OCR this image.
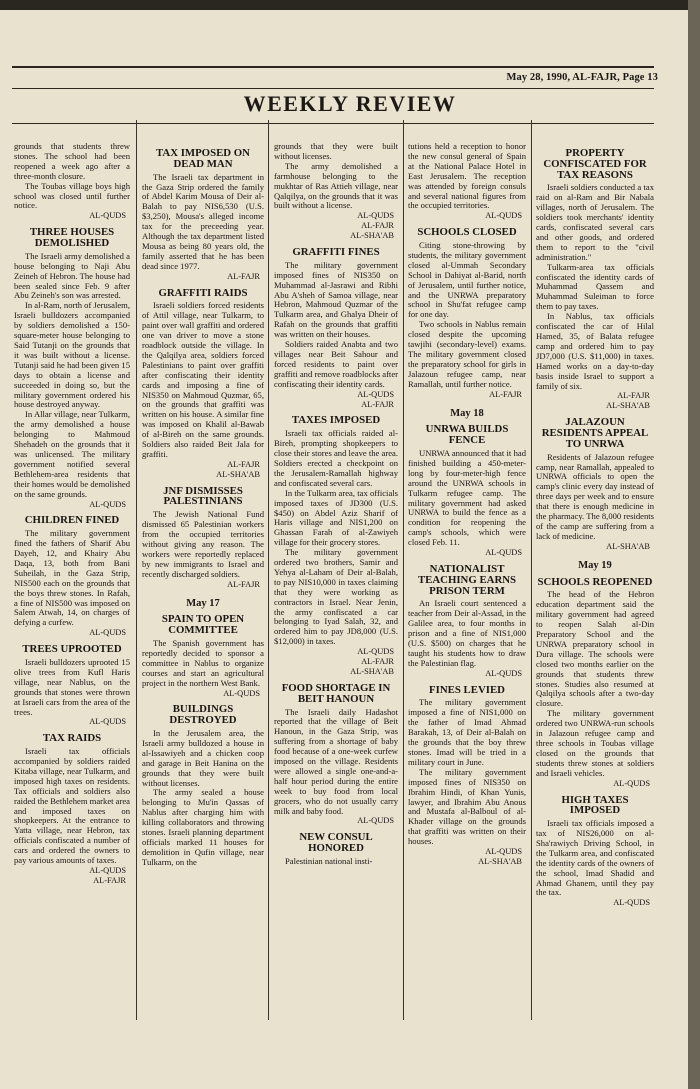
May 28, 1990, AL-FAJR, Page 13
WEEKLY REVIEW
grounds that students threw stones. The school had been reopened a week ago after a three-month closure.
The Toubas village boys high school was closed until further notice.
AL-QUDS
THREE HOUSES DEMOLISHED
The Israeli army demolished a house belonging to Naji Abu Zeineh of Hebron. The house had been sealed since Feb. 9 after Abu Zeineh's son was arrested.
In al-Ram, north of Jerusalem, Israeli bulldozers accompanied by soldiers demolished a 150-square-meter house belonging to Said Tutanji on the grounds that it was built without a license. Tutanji said he had been given 15 days to obtain a license and succeeded in doing so, but the military government ordered his house destroyed anyway.
In Allar village, near Tulkarm, the army demolished a house belonging to Mahmoud Shehadeh on the grounds that it was unlicensed. The military government notified several Bethlehem-area residents that their homes would be demolished on the same grounds.
AL-QUDS
CHILDREN FINED
The military government fined the fathers of Sharif Abu Dayeh, 12, and Khairy Abu Daqa, 13, both from Bani Suheilah, in the Gaza Strip, NIS500 each on the grounds that the boys threw stones. In Rafah, a fine of NIS500 was imposed on Salem Atwah, 14, on charges of defying a curfew.
AL-QUDS
TREES UPROOTED
Israeli bulldozers uprooted 15 olive trees from Kufl Haris village, near Nablus, on the grounds that stones were thrown at Israeli cars from the area of the trees.
AL-QUDS
TAX RAIDS
Israeli tax officials accompanied by soldiers raided Kitaba village, near Tulkarm, and imposed high taxes on residents. Tax officials and soldiers also raided the Bethlehem market area and imposed taxes on shopkeepers. At the entrance to Yatta village, near Hebron, tax officials confiscated a number of cars and ordered the owners to pay various amounts of taxes.
AL-QUDS
AL-FAJR
TAX IMPOSED ON DEAD MAN
The Israeli tax department in the Gaza Strip ordered the family of Abdel Karim Mousa of Deir al-Balah to pay NIS6,530 (U.S. $3,250), Mousa's alleged income tax for the preceeding year. Although the tax department listed Mousa as being 80 years old, the family asserted that he has been dead since 1977.
AL-FAJR
GRAFFITI RAIDS
Israeli soldiers forced residents of Attil village, near Tulkarm, to paint over wall graffiti and ordered one van driver to move a stone roadblock outside the village. In the Qalqilya area, soldiers forced Palestinians to paint over graffiti after confiscating their identity cards and imposing a fine of NIS350 on Mahmoud Quzmar, 65, on the grounds that graffiti was written on his house. A similar fine was imposed on Khalil al-Bawab of al-Bireh on the same grounds. Soldiers also raided Beit Jala for graffiti.
AL-FAJR
AL-SHA'AB
JNF DISMISSES PALESTINIANS
The Jewish National Fund dismissed 65 Palestinian workers from the occupied territories without giving any reason. The workers were reportedly replaced by new immigrants to Israel and recently discharged soldiers.
AL-FAJR
May 17
SPAIN TO OPEN COMMITTEE
The Spanish government has reportedly decided to sponsor a committee in Nablus to organize courses and start an agricultural project in the northern West Bank.
AL-QUDS
BUILDINGS DESTROYED
In the Jerusalem area, the Israeli army bulldozed a house in al-Issawiyeh and a chicken coop and garage in Beit Hanina on the grounds that they were built without licenses.
The army sealed a house belonging to Mu'in Qassas of Nablus after charging him with killing collaborators and throwing stones. Israeli planning department officials marked 11 houses for demolition in Qufin village, near Tulkarm, on the
grounds that they were built without licenses.
The army demolished a farmhouse belonging to the mukhtar of Ras Attieh village, near Qalqilya, on the grounds that it was built without a license.
AL-QUDS
AL-FAJR
AL-SHA'AB
GRAFFITI FINES
The military government imposed fines of NIS350 on Muhammad al-Jasrawi and Ribhi Abu A'sheh of Samoa village, near Hebron, Mahmoud Quzmar of the Tulkarm area, and Ghalya Dheir of Rafah on the grounds that graffiti was written on their houses.
Soldiers raided Anabta and two villages near Beit Sahour and forced residents to paint over graffiti and remove roadblocks after confiscating their identity cards.
AL-QUDS
AL-FAJR
TAXES IMPOSED
Israeli tax officials raided al-Bireh, prompting shopkeepers to close their stores and leave the area. Soldiers erected a checkpoint on the Jerusalem-Ramallah highway and confiscated several cars.
In the Tulkarm area, tax officials imposed taxes of JD300 (U.S. $450) on Abdel Aziz Sharif of Haris village and NIS1,200 on Ghassan Farah of al-Zawiyeh village for their grocery stores.
The military government ordered two brothers, Samir and Yehya al-Laham of Deir al-Balah, to pay NIS10,000 in taxes claiming that they were working as contractors in Israel. Near Jenin, the army confiscated a car belonging to Iyad Salah, 32, and ordered him to pay JD8,000 (U.S. $12,000) in taxes.
AL-QUDS
AL-FAJR
AL-SHA'AB
FOOD SHORTAGE IN BEIT HANOUN
The Israeli daily Hadashot reported that the village of Beit Hanoun, in the Gaza Strip, was suffering from a shortage of baby food because of a one-week curfew imposed on the village. Residents were allowed a single one-and-a-half hour period during the entire week to buy food from local grocers, who do not usually carry milk and baby food.
AL-QUDS
NEW CONSUL HONORED
Palestinian national insti-
tutions held a reception to honor the new consul general of Spain at the National Palace Hotel in East Jerusalem. The reception was attended by foreign consuls and several national figures from the occupied territories.
AL-QUDS
SCHOOLS CLOSED
Citing stone-throwing by students, the military government closed al-Ummah Secondary School in Dahiyat al-Barid, north of Jerusalem, until further notice, and the UNRWA preparatory school in Shu'fat refugee camp for one day.
Two schools in Nablus remain closed despite the upcoming tawjihi (secondary-level) exams. The military government closed the preparatory school for girls in Jalazoun refugee camp, near Ramallah, until further notice.
AL-FAJR
May 18
UNRWA BUILDS FENCE
UNRWA announced that it had finished building a 450-meter-long by four-meter-high fence around the UNRWA schools in Tulkarm refugee camp. The military government had asked UNRWA to build the fence as a condition for reopening the camp's schools, which were closed Feb. 11.
AL-QUDS
NATIONALIST TEACHING EARNS PRISON TERM
An Israeli court sentenced a teacher from Deir al-Assad, in the Galilee area, to four months in prison and a fine of NIS1,000 (U.S. $500) on charges that he taught his students how to draw the Palestinian flag.
AL-QUDS
FINES LEVIED
The military government imposed a fine of NIS1,000 on the father of Imad Ahmad Barakah, 13, of Deir al-Balah on the grounds that the boy threw stones. Imad will be tried in a military court in June.
The military government imposed fines of NIS350 on Ibrahim Hindi, of Khan Yunis, lawyer, and Ibrahim Abu Anous and Mustafa al-Balboul of al-Khader village on the grounds that graffiti was written on their houses.
AL-QUDS
AL-SHA'AB
PROPERTY CONFISCATED FOR TAX REASONS
Israeli soldiers conducted a tax raid on al-Ram and Bir Nabala villages, north of Jerusalem. The soldiers took merchants' identity cards, confiscated several cars and other goods, and ordered them to report to the "civil administration."
Tulkarm-area tax officials confiscated the identity cards of Muhammad Qassem and Muhammad Suleiman to force them to pay taxes.
In Nablus, tax officials confiscated the car of Hilal Hamed, 35, of Balata refugee camp and ordered him to pay JD7,000 (U.S. $11,000) in taxes. Hamed works on a day-to-day basis inside Israel to support a family of six.
AL-FAJR
AL-SHA'AB
JALAZOUN RESIDENTS APPEAL TO UNRWA
Residents of Jalazoun refugee camp, near Ramallah, appealed to UNRWA officials to open the camp's clinic every day instead of three days per week and to ensure that there is enough medicine in the pharmacy. The 8,000 residents of the camp are suffering from a lack of medicine.
AL-SHA'AB
May 19
SCHOOLS REOPENED
The head of the Hebron education department said the military government had agreed to reopen Salah al-Din Preparatory School and the UNRWA preparatory school in Dura village. The schools were closed two months earlier on the grounds that students threw stones. Studies also resumed at Qalqilya schools after a two-day closure.
The military government ordered two UNRWA-run schools in Jalazoun refugee camp and three schools in Toubas village closed on the grounds that students threw stones at soldiers and Israeli vehicles.
AL-QUDS
HIGH TAXES IMPOSED
Israeli tax officials imposed a tax of NIS26,000 on al-Sha'rawiych Driving School, in the Tulkarm area, and confiscated the identity cards of the owners of the school, Imad Shadid and Ahmad Ghanem, until they pay the tax.
AL-QUDS
